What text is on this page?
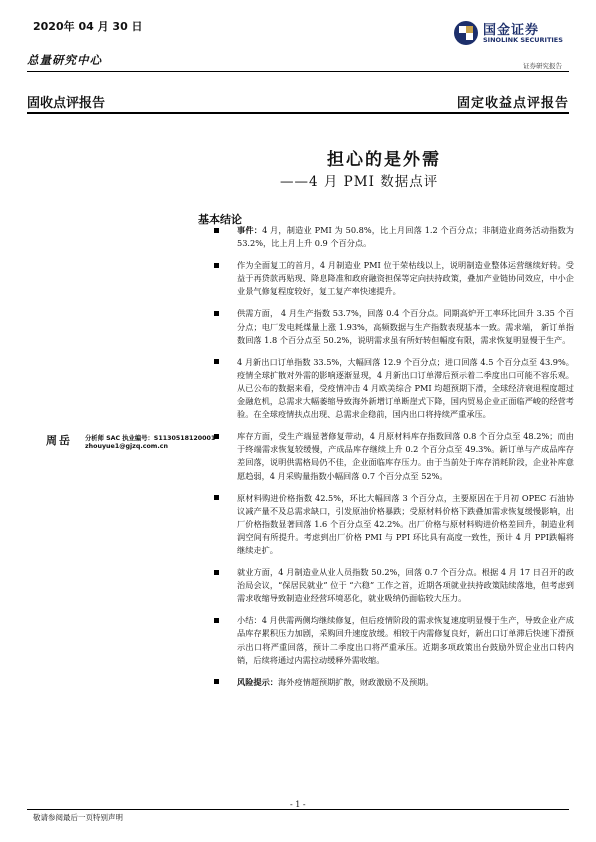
2020年 04 月 30 日
总量研究中心
国金证券
SINOLINK SECURITIES
证券研究报告
固收点评报告	固定收益点评报告
担心的是外需
——4 月 PMI 数据点评
基本结论
事件：4 月，制造业 PMI 为 50.8%，比上月回落 1.2 个百分点；非制造业商务活动指数为 53.2%，比上月上升 0.9 个百分点。
作为全面复工的首月，4 月制造业 PMI 位于荣枯线以上，说明制造业整体运营继续好转。受益于再贷款再贴现、降息降准和政府融资担保等定向扶持政策，叠加产业链协同效应，中小企业景气修复程度较好，复工复产率快速提升。
供需方面， 4 月生产指数 53.7%，回落 0.4 个百分点。同期高炉开工率环比回升 3.35 个百分点；电厂发电耗煤量上涨 1.93%，高频数据与生产指数表现基本一致。需求端， 新订单指数回落 1.8 个百分点至 50.2%，说明需求虽有所好转但幅度有限，需求恢复明显慢于生产。
4 月新出口订单指数 33.5%，大幅回落 12.9 个百分点；进口回落 4.5 个百分点至 43.9%。疫情全球扩散对外需的影响逐渐显现，4 月新出口订单滞后预示着二季度出口可能不容乐观。从已公布的数据来看，受疫情冲击 4 月欧美综合 PMI 均超预期下滑，全球经济衰退程度超过金融危机，总需求大幅萎缩导致海外新增订单断崖式下降，国内贸易企业正面临严峻的经营考验。在全球疫情扶点出现、总需求企稳前，国内出口将持续严重承压。
库存方面，受生产端显著修复带动，4 月原材料库存指数回落 0.8 个百分点至 48.2%；而由于终端需求恢复较缓慢，产成品库存继续上升 0.2 个百分点至 49.3%。新订单与产成品库存差回落，说明供需格局仍不佳，企业面临库存压力。由于当前处于库存消耗阶段，企业补库意愿趋弱，4 月采购量指数小幅回落 0.7 个百分点至 52%。
原材料购进价格指数 42.5%，环比大幅回落 3 个百分点，主要原因在于月初 OPEC 石油协议减产量不及总需求缺口，引发原油价格暴跌；受原材料价格下跌叠加需求恢复缓慢影响，出厂价格指数显著回落 1.6 个百分点至 42.2%。出厂价格与原材料购进价格差回升，制造业利润空间有所提升。考虑到出厂价格 PMI 与 PPI 环比具有高度一致性，预计 4 月 PPI跌幅将继续走扩。
就业方面，4 月制造业从业人员指数 50.2%，回落 0.7 个百分点。根据 4 月 17 日召开的政治局会议，“保居民就业” 位于 “六稳” 工作之首，近期各项就业扶持政策陆续落地，但考虑到需求收缩导致制造业经营环境恶化，就业吸纳仍面临较大压力。
小结：4 月供需两侧均继续修复，但后疫情阶段的需求恢复速度明显慢于生产，导致企业产成品库存累积压力加剧，采购回升速度放缓。相较于内需修复良好，新出口订单滞后快速下滑预示出口将严重回落，预计二季度出口将严重承压。近期多项政策出台鼓励外贸企业出口转内销，后续将通过内需拉动缓释外需收缩。
风险提示：海外疫情超预期扩散，财政激励不及预期。
周岳 分析师 SAC 执业编号：S1130518120001
zhouyue1@gjzq.com.cn
- 1 -
敬请参阅最后一页特别声明
